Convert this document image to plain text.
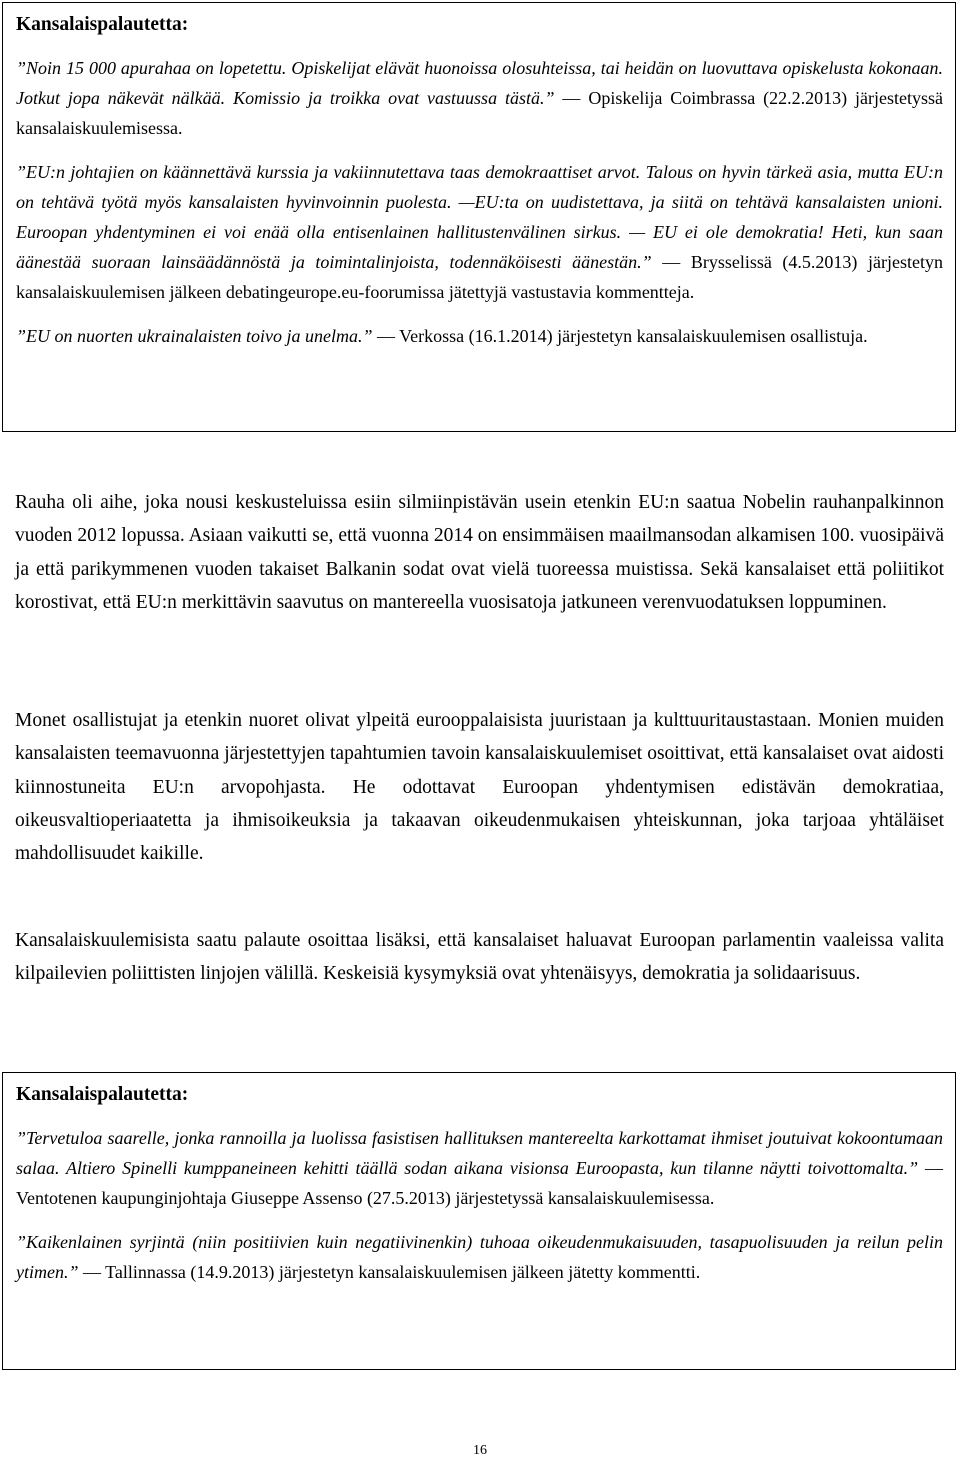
Kansalaispalautetta:

”Noin 15 000 apurahaa on lopetettu. Opiskelijat elävät huonoissa olosuhteissa, tai heidän on luovuttava opiskelusta kokonaan. Jotkut jopa näkevät nälkää. Komissio ja troikka ovat vastuussa tästä.” — Opiskelija Coimbrassa (22.2.2013) järjestetyssä kansalaiskuulemisessa.

”EU:n johtajien on käännettävä kurssia ja vakiinnutettava taas demokraattiset arvot. Talous on hyvin tärkeä asia, mutta EU:n on tehtävä työtä myös kansalaisten hyvinvoinnin puolesta. —EU:ta on uudistettava, ja siitä on tehtävä kansalaisten unioni. Euroopan yhdentyminen ei voi enää olla entisenlainen hallitustenvälinen sirkus. — EU ei ole demokratia! Heti, kun saan äänestää suoraan lainsäädännöstä ja toimintalinjoista, todennäköisesti äänestän.” — Brysselissä (4.5.2013) järjestetyn kansalaiskuulemisen jälkeen debatingeurope.eu-foorumissa jätettyjä vastustavia kommentteja.

”EU on nuorten ukrainalaisten toivo ja unelma.” — Verkossa (16.1.2014) järjestetyn kansalaiskuulemisen osallistuja.

Rauha oli aihe, joka nousi keskusteluissa esiin silmiinpistävän usein etenkin EU:n saatua Nobelin rauhanpalkinnon vuoden 2012 lopussa. Asiaan vaikutti se, että vuonna 2014 on ensimmäisen maailmansodan alkamisen 100. vuosipäivä ja että parikymmenen vuoden takaiset Balkanin sodat ovat vielä tuoreessa muistissa. Sekä kansalaiset että poliitikot korostivat, että EU:n merkittävin saavutus on mantereella vuosisatoja jatkuneen verenvuodatuksen loppuminen.

Monet osallistujat ja etenkin nuoret olivat ylpeitä eurooppalaisista juuristaan ja kulttuuritaustastaan. Monien muiden kansalaisten teemavuonna järjestettyjen tapahtumien tavoin kansalaiskuulemiset osoittivat, että kansalaiset ovat aidosti kiinnostuneita EU:n arvopohjasta. He odottavat Euroopan yhdentymisen edistävän demokratiaa, oikeusvaltioperiaatetta ja ihmisoikeuksia ja takaavan oikeudenmukaisen yhteiskunnan, joka tarjoaa yhtäläiset mahdollisuudet kaikille.

Kansalaiskuulemisista saatu palaute osoittaa lisäksi, että kansalaiset haluavat Euroopan parlamentin vaaleissa valita kilpailevien poliittisten linjojen välillä. Keskeisiä kysymyksiä ovat yhtenäisyys, demokratia ja solidaarisuus.

Kansalaispalautetta:

”Tervetuloa saarelle, jonka rannoilla ja luolissa fasistisen hallituksen mantereelta karkottamat ihmiset joutuivat kokoontumaan salaa. Altiero Spinelli kumppaneineen kehitti täällä sodan aikana visionsa Euroopasta, kun tilanne näytti toivottomalta.” — Ventotenen kaupunginjohtaja Giuseppe Assenso (27.5.2013) järjestetyssä kansalaiskuulemisessa.

”Kaikenlainen syrjintä (niin positiivien kuin negatiivinenkin) tuhoaa oikeudenmukaisuuden, tasapuolisuuden ja reilun pelin ytimen.” — Tallinnassa (14.9.2013) järjestetyn kansalaiskuulemisen jälkeen jätetty kommentti.

16
